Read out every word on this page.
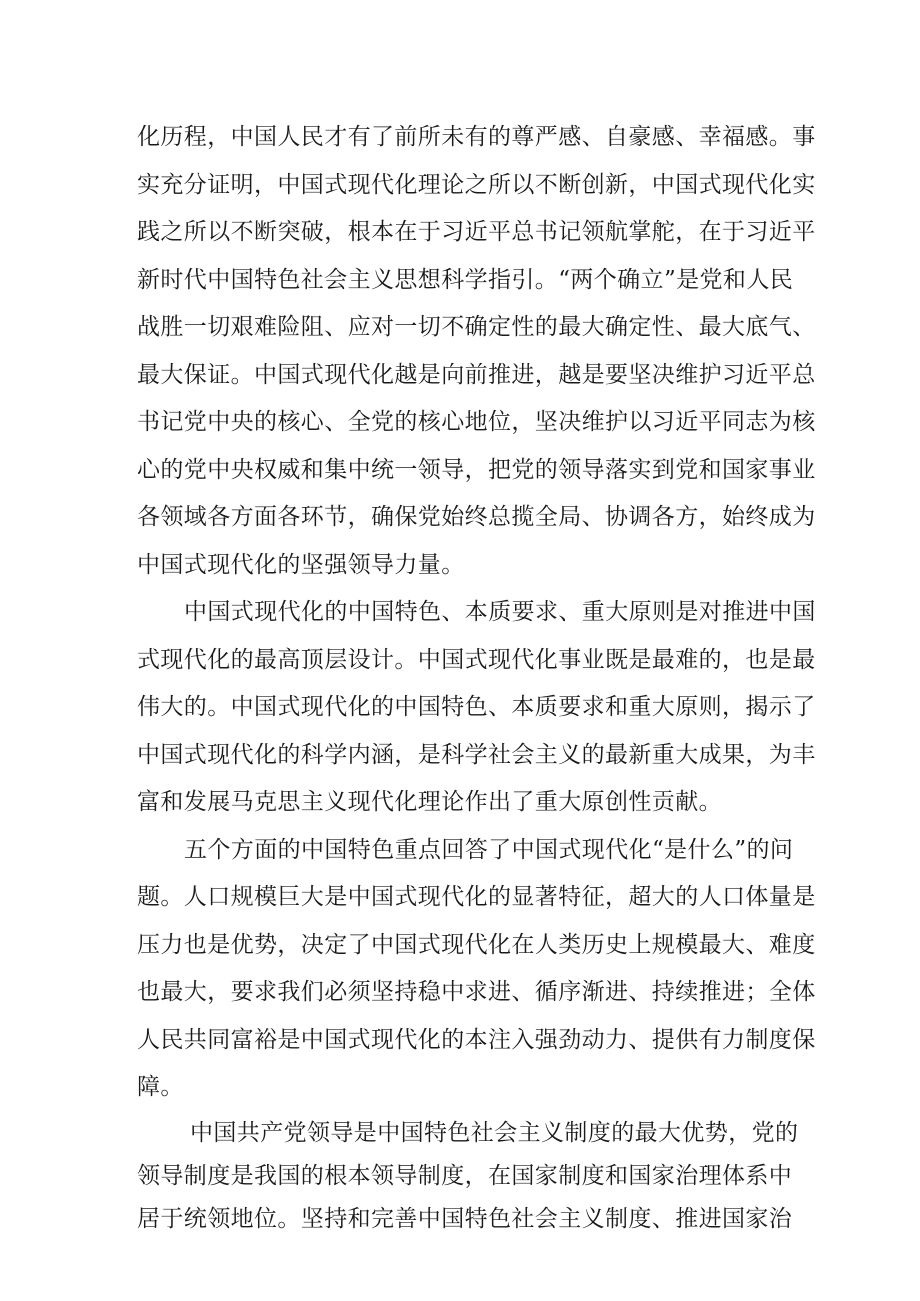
化历程，中国人民才有了前所未有的尊严感、自豪感、幸福感。事
实充分证明，中国式现代化理论之所以不断创新，中国式现代化实
践之所以不断突破，根本在于习近平总书记领航掌舵，在于习近平
新时代中国特色社会主义思想科学指引。“两个确立”是党和人民
战胜一切艰难险阻、应对一切不确定性的最大确定性、最大底气、
最大保证。中国式现代化越是向前推进，越是要坚决维护习近平总
书记党中央的核心、全党的核心地位，坚决维护以习近平同志为核
心的党中央权威和集中统一领导，把党的领导落实到党和国家事业
各领域各方面各环节，确保党始终总揽全局、协调各方，始终成为
中国式现代化的坚强领导力量。
中国式现代化的中国特色、本质要求、重大原则是对推进中国
式现代化的最高顶层设计。中国式现代化事业既是最难的，也是最
伟大的。中国式现代化的中国特色、本质要求和重大原则，揭示了
中国式现代化的科学内涵，是科学社会主义的最新重大成果，为丰
富和发展马克思主义现代化理论作出了重大原创性贡献。
五个方面的中国特色重点回答了中国式现代化“是什么”的问
题。人口规模巨大是中国式现代化的显著特征，超大的人口体量是
压力也是优势，决定了中国式现代化在人类历史上规模最大、难度
也最大，要求我们必须坚持稳中求进、循序渐进、持续推进；全体
人民共同富裕是中国式现代化的本注入强劲动力、提供有力制度保
障。
中国共产党领导是中国特色社会主义制度的最大优势，党的
领导制度是我国的根本领导制度，在国家制度和国家治理体系中
居于统领地位。坚持和完善中国特色社会主义制度、推进国家治
